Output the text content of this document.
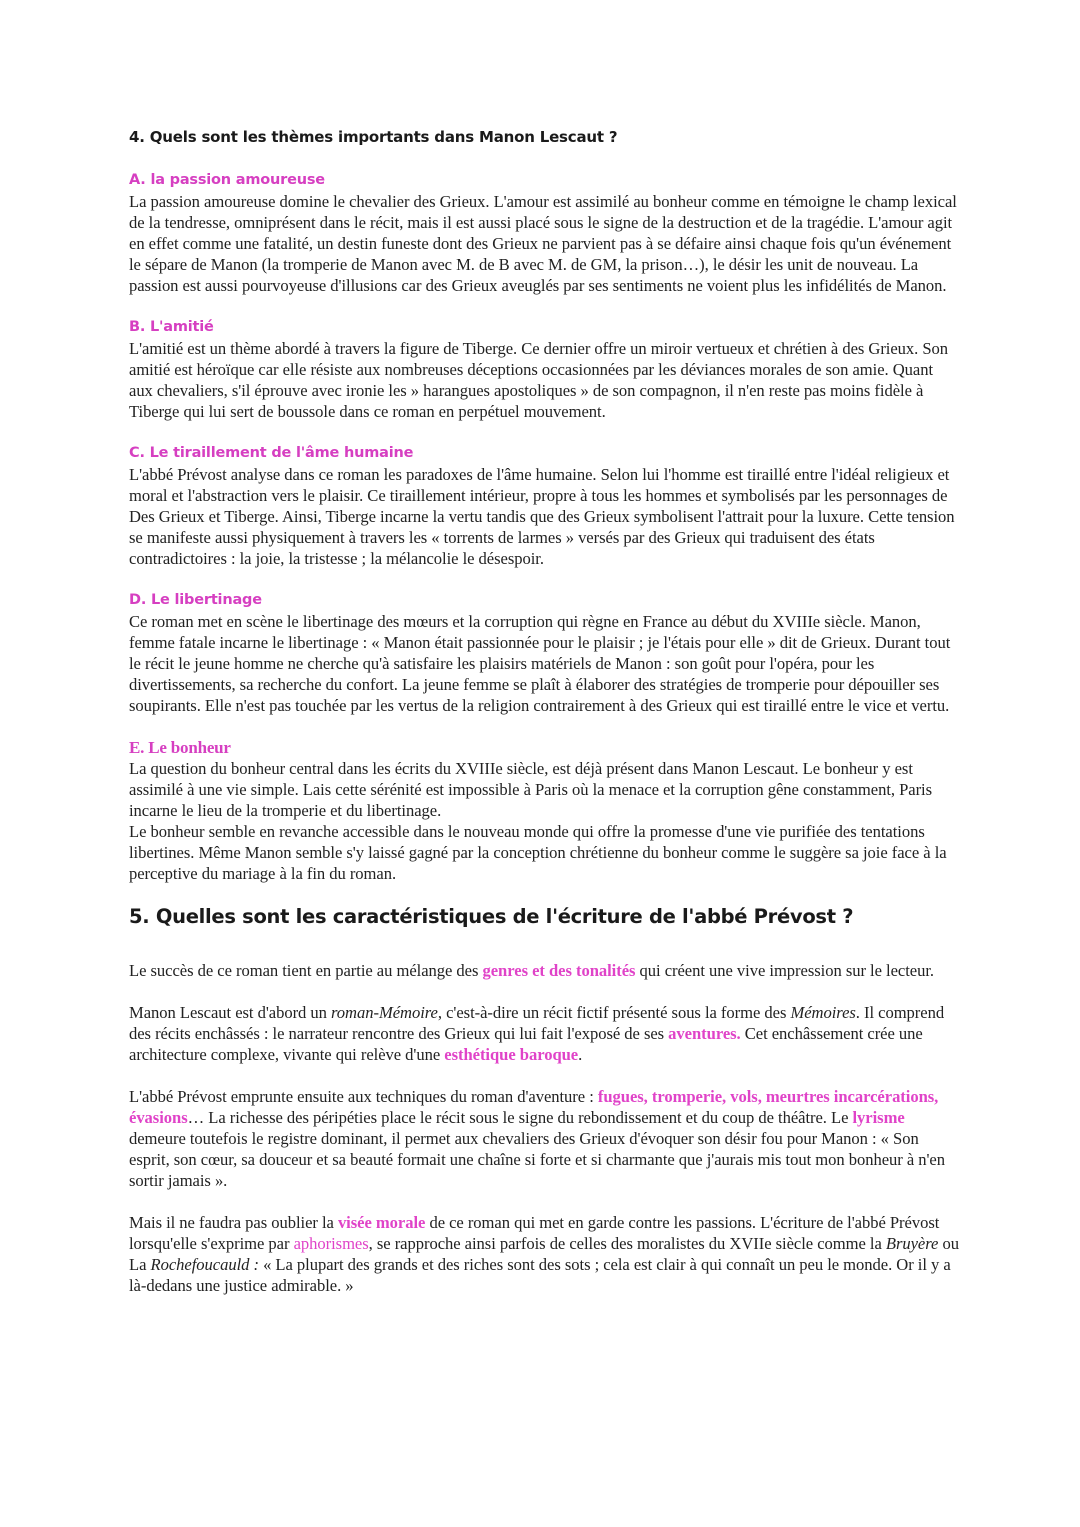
4. Quels sont les thèmes importants dans Manon Lescaut ?
A. la passion amoureuse

La passion amoureuse domine le chevalier des Grieux. L'amour est assimilé au bonheur comme en témoigne le champ lexical de la tendresse, omniprésent dans le récit, mais il est aussi placé sous le signe de la destruction et de la tragédie. L'amour agit en effet comme une fatalité, un destin funeste dont des Grieux ne parvient pas à se défaire ainsi chaque fois qu'un événement le sépare de Manon (la tromperie de Manon avec M. de B avec M. de GM, la prison…), le désir les unit de nouveau. La passion est aussi pourvoyeuse d'illusions car des Grieux aveuglés par ses sentiments ne voient plus les infidélités de Manon.

B. L'amitié

L'amitié est un thème abordé à travers la figure de Tiberge. Ce dernier offre un miroir vertueux et chrétien à des Grieux. Son amitié est héroïque car elle résiste aux nombreuses déceptions occasionnées par les déviances morales de son amie. Quant aux chevaliers, s'il éprouve avec ironie les » harangues apostoliques » de son compagnon, il n'en reste pas moins fidèle à Tiberge qui lui sert de boussole dans ce roman en perpétuel mouvement.

C. Le tiraillement de l'âme humaine

L'abbé Prévost analyse dans ce roman les paradoxes de l'âme humaine. Selon lui l'homme est tiraillé entre l'idéal religieux et moral et l'abstraction vers le plaisir. Ce tiraillement intérieur, propre à tous les hommes et symbolisés par les personnages de Des Grieux et Tiberge. Ainsi, Tiberge incarne la vertu tandis que des Grieux symbolisent l'attrait pour la luxure. Cette tension se manifeste aussi physiquement à travers les « torrents de larmes » versés par des Grieux qui traduisent des états contradictoires : la joie, la tristesse ; la mélancolie le désespoir.

D. Le libertinage

Ce roman met en scène le libertinage des mœurs et la corruption qui règne en France au début du XVIIIe siècle. Manon, femme fatale incarne le libertinage : « Manon était passionnée pour le plaisir ; je l'étais pour elle » dit de Grieux. Durant tout le récit le jeune homme ne cherche qu'à satisfaire les plaisirs matériels de Manon : son goût pour l'opéra, pour les divertissements, sa recherche du confort. La jeune femme se plaît à élaborer des stratégies de tromperie pour dépouiller ses soupirants. Elle n'est pas touchée par les vertus de la religion contrairement à des Grieux qui est tiraillé entre le vice et vertu.

E. Le bonheur

La question du bonheur central dans les écrits du XVIIIe siècle, est déjà présent dans Manon Lescaut. Le bonheur y est assimilé à une vie simple. Lais cette sérénité est impossible à Paris où la menace et la corruption gêne constamment, Paris incarne le lieu de la tromperie et du libertinage.

Le bonheur semble en revanche accessible dans le nouveau monde qui offre la promesse d'une vie purifiée des tentations libertines. Même Manon semble s'y laissé gagné par la conception chrétienne du bonheur comme le suggère sa joie face à la perceptive du mariage à la fin du roman.

5. Quelles sont les caractéristiques de l'écriture de l'abbé Prévost ?

Le succès de ce roman tient en partie au mélange des genres et des tonalités qui créent une vive impression sur le lecteur.

Manon Lescaut est d'abord un roman-Mémoire, c'est-à-dire un récit fictif présenté sous la forme des Mémoires. Il comprend des récits enchâssés : le narrateur rencontre des Grieux qui lui fait l'exposé de ses aventures. Cet enchâssement crée une architecture complexe, vivante qui relève d'une esthétique baroque.

L'abbé Prévost emprunte ensuite aux techniques du roman d'aventure : fugues, tromperie, vols, meurtres incarcérations, évasions… La richesse des péripéties place le récit sous le signe du rebondissement et du coup de théâtre. Le lyrisme demeure toutefois le registre dominant, il permet aux chevaliers des Grieux d'évoquer son désir fou pour Manon : « Son esprit, son cœur, sa douceur et sa beauté formait une chaîne si forte et si charmante que j'aurais mis tout mon bonheur à n'en sortir jamais ».

Mais il ne faudra pas oublier la visée morale de ce roman qui met en garde contre les passions. L'écriture de l'abbé Prévost lorsqu'elle s'exprime par aphorismes, se rapproche ainsi parfois de celles des moralistes du XVIIe siècle comme la Bruyère ou La Rochefoucauld : « La plupart des grands et des riches sont des sots ; cela est clair à qui connaît un peu le monde. Or il y a là-dedans une justice admirable. »
